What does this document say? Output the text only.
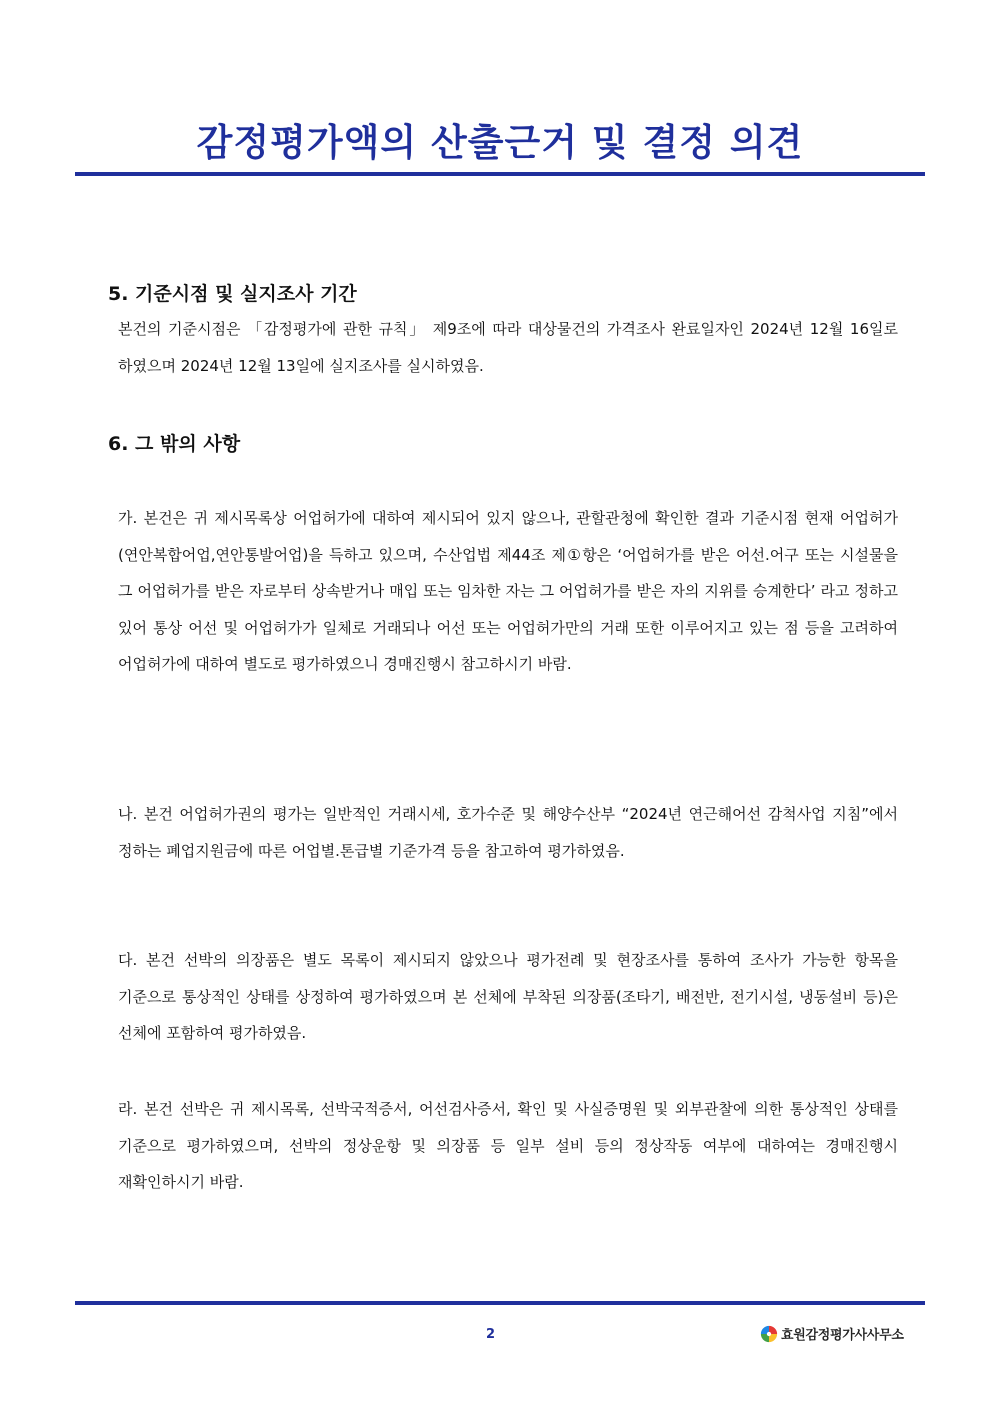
감정평가액의 산출근거 및 결정 의견
5. 기준시점 및 실지조사 기간

본건의 기준시점은 「감정평가에 관한 규칙」 제9조에 따라 대상물건의 가격조사 완료일자인 2024년 12월 16일로 하였으며 2024년 12월 13일에 실지조사를 실시하였음.

6. 그 밖의 사항

가. 본건은 귀 제시목록상 어업허가에 대하여 제시되어 있지 않으나, 관할관청에 확인한 결과 기준시점 현재 어업허가(연안복합어업,연안통발어업)을 득하고 있으며, 수산업법 제44조 제①항은 ‘어업허가를 받은 어선.어구 또는 시설물을 그 어업허가를 받은 자로부터 상속받거나 매입 또는 임차한 자는 그 어업허가를 받은 자의 지위를 승계한다’ 라고 정하고 있어 통상 어선 및 어업허가가 일체로 거래되나 어선 또는 어업허가만의 거래 또한 이루어지고 있는 점 등을 고려하여 어업허가에 대하여 별도로 평가하였으니 경매진행시 참고하시기 바람.

나. 본건 어업허가권의 평가는 일반적인 거래시세, 호가수준 및 해양수산부 “2024년 연근해어선 감척사업 지침”에서 정하는 폐업지원금에 따른 어업별.톤급별 기준가격 등을 참고하여 평가하였음.

다. 본건 선박의 의장품은 별도 목록이 제시되지 않았으나 평가전례 및 현장조사를 통하여 조사가 가능한 항목을 기준으로 통상적인 상태를 상정하여 평가하였으며 본 선체에 부착된 의장품(조타기, 배전반, 전기시설, 냉동설비 등)은 선체에 포함하여 평가하였음.

라. 본건 선박은 귀 제시목록, 선박국적증서, 어선검사증서, 확인 및 사실증명원 및 외부관찰에 의한 통상적인 상태를 기준으로 평가하였으며, 선박의 정상운항 및 의장품 등 일부 설비 등의 정상작동 여부에 대하여는 경매진행시 재확인하시기 바람.

2	효원감정평가사사무소
